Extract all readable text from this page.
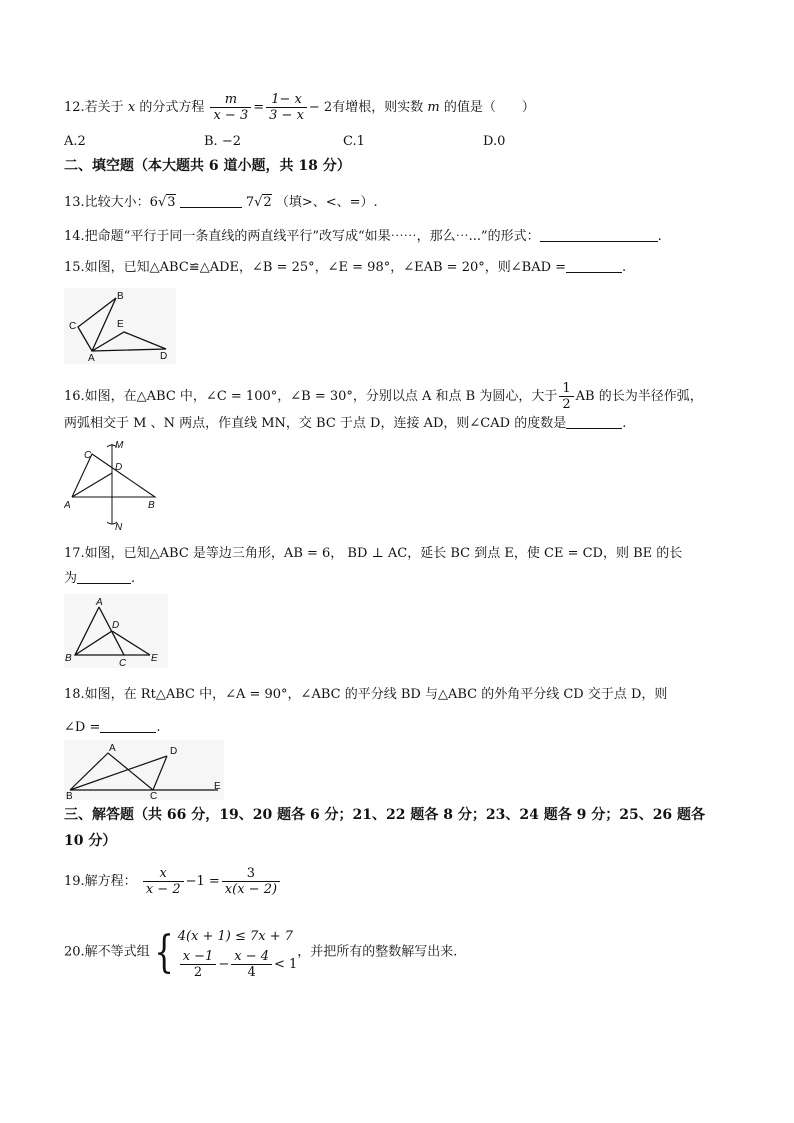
12.若关于 x 的分式方程 $\frac{m}{x - 3} = \frac{1- x}{3 - x} - 2$有增根，则实数 m 的值是（　　）
A.2	B. −2	C.1	D.0
二、填空题（本大题共 6 道小题，共 18 分）
13.比较大小：6√3	7√2 （填>、<、=）.
14.把命题“平行于同一条直线的两直线平行”改写成“如果⋯⋯，那么⋯...”的形式：	.
15.如图，已知△ABC≌△ADE，∠B = 25°，∠E = 98°，∠EAB = 20°，则∠BAD =	.
B
C	E
A	D
16.如图，在△ABC 中，∠C = 100°，∠B = 30°，分别以点 A 和点 B 为圆心，大于 $\frac{1}{2}$ AB 的长为半径作弧，
两弧相交于 M 、N 两点，作直线 MN，交 BC 于点 D，连接 AD，则∠CAD 的度数是	.
M
C
D
A	B
N
17.如图，已知△ABC 是等边三角形，AB = 6， BD ⊥ AC，延长 BC 到点 E，使 CE = CD，则 BE 的长
为	.
A
D
B	C E
18.如图，在 Rt△ABC 中，∠A = 90°，∠ABC 的平分线 BD 与△ABC 的外角平分线 CD 交于点 D，则
∠D =	.
A	D
B	C
E
三、解答题（共 66 分，19、20 题各 6 分；21、22 题各 8 分；23、24 题各 9 分；25、26 题各
10 分）
19.解方程： $\frac{x}{x - 2} -1 = \frac{3}{x(x - 2)}$
20.解不等式组{ 4(x + 1) ≤ 7x + 7
$\frac{x -1}{2} - \frac{x - 4}{4} < 1$
，并把所有的整数解写出来.
